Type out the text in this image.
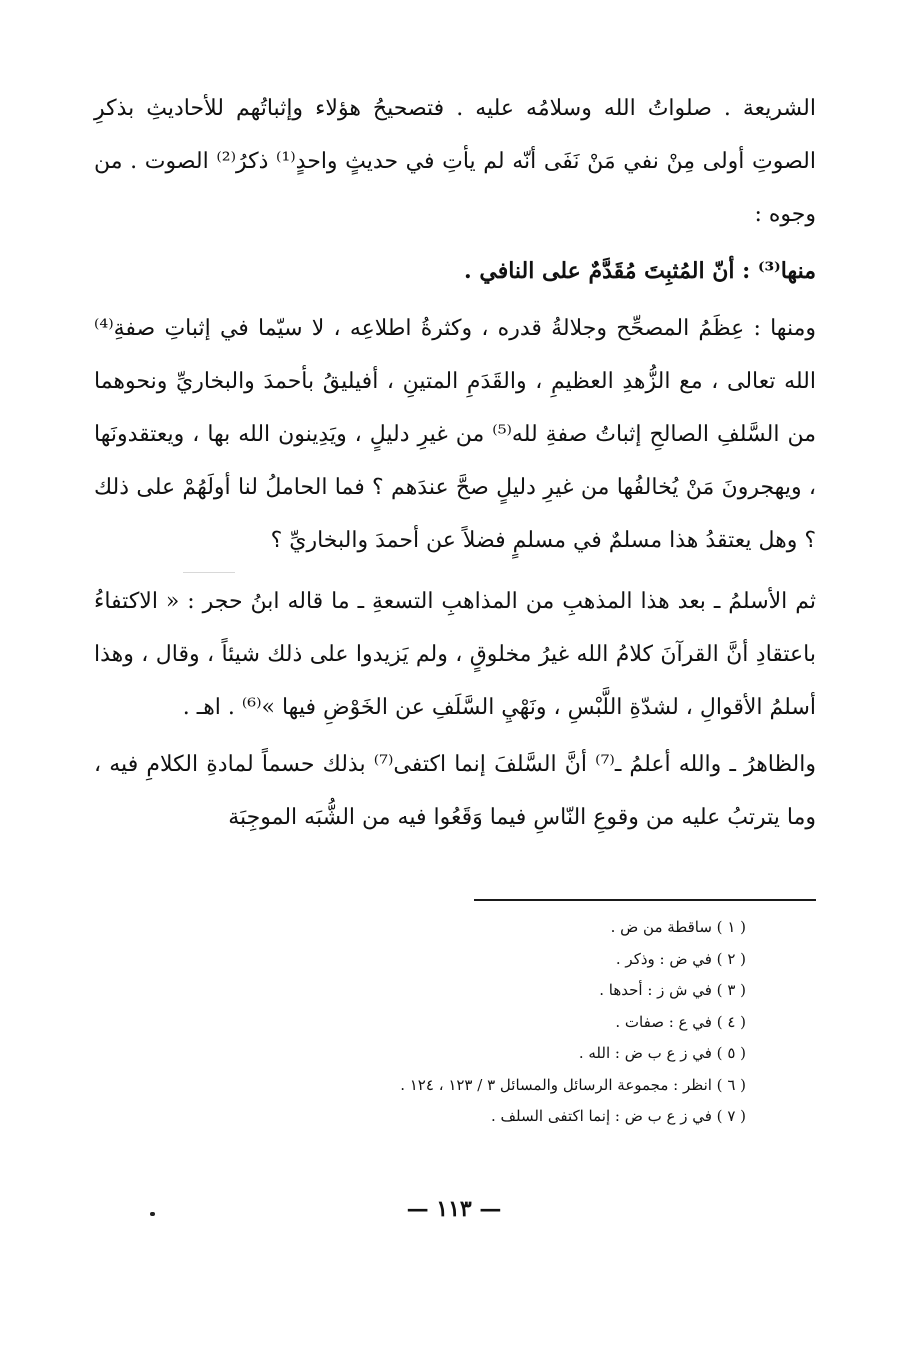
الشريعة . صلواتُ الله وسلامُه عليه . فتصحيحُ هؤلاء وإثباتُهم للأحاديثِ بذكرِ الصوتِ أولى مِنْ نفي مَنْ نَفَى أنّه لم يأتِ في حديثٍ واحدٍ⁽¹⁾ ذكرُ⁽²⁾ الصوت . من وجوه :

منها⁽³⁾ : أنّ المُثبِتَ مُقَدَّمٌ على النافي .

ومنها : عِظَمُ المصحِّح وجلالةُ قدره ، وكثرةُ اطلاعِه ، لا سيّما في إثباتِ صفةِ⁽⁴⁾ الله تعالى ، مع الزُّهدِ العظيمِ ، والقَدَمِ المتينِ ، أفيليقُ بأحمدَ والبخاريِّ ونحوهما من السَّلفِ الصالحِ إثباتُ صفةِ لله⁽⁵⁾ من غيرِ دليلٍ ، ويَدِينون الله بها ، ويعتقدونَها ، ويهجرونَ مَنْ يُخالفُها من غيرِ دليلٍ صحَّ عندَهم ؟ فما الحاملُ لنا أولَهُمْ على ذلك ؟ وهل يعتقدُ هذا مسلمٌ في مسلمٍ فضلاً عن أحمدَ والبخاريِّ ؟

ثم الأسلمُ ـ بعد هذا المذهبِ من المذاهبِ التسعةِ ـ ما قاله ابنُ حجر : « الاكتفاءُ باعتقادِ أنَّ القرآنَ كلامُ الله غيرُ مخلوقٍ ، ولم يَزيدوا على ذلك شيئاً ، وقال ، وهذا أسلمُ الأقوالِ ، لشدّةِ اللَّبْسِ ، ونَهْيِ السَّلَفِ عن الخَوْضِ فيها »⁽⁶⁾ . اهـ .

والظاهرُ ـ والله أعلمُ ـ⁽⁷⁾ أنَّ السَّلفَ إنما اكتفى⁽⁷⁾ بذلك حسماً لمادةِ الكلامِ فيه ، وما يترتبُ عليه من وقوعِ النّاسِ فيما وَقَعُوا فيه من الشُّبَه الموجِبَة

( ١ ) ساقطة من ض .

( ٢ ) في ض : وذكر .

( ٣ ) في ش ز : أحدها .

( ٤ ) في ع : صفات .

( ٥ ) في ز ع ب ض : الله .

( ٦ ) انظر : مجموعة الرسائل والمسائل ٣ / ١٢٣ ، ١٢٤ .

( ٧ ) في ز ع ب ض : إنما اكتفى السلف .

— ١١٣ —
